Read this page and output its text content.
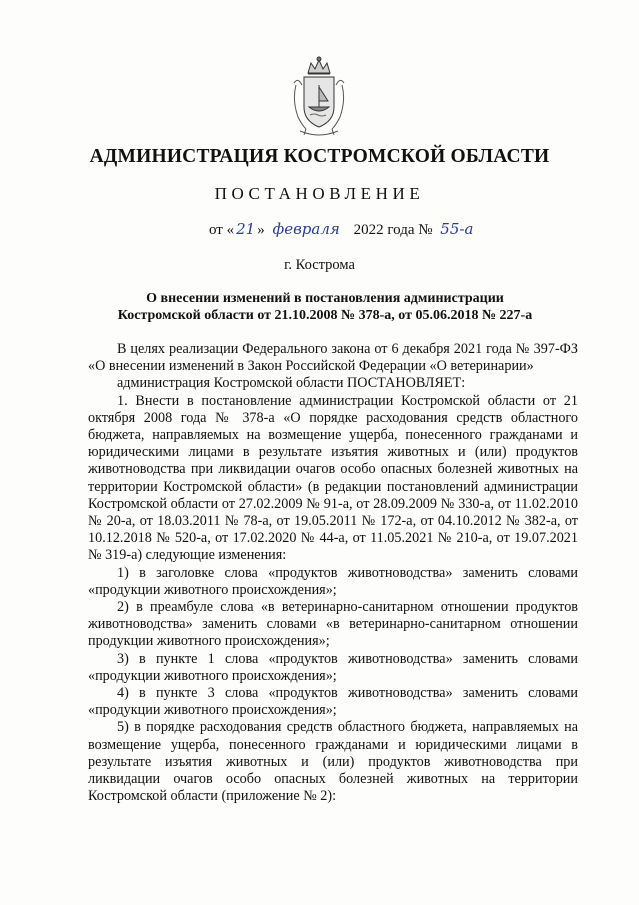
АДМИНИСТРАЦИЯ КОСТРОМСКОЙ ОБЛАСТИ
ПОСТАНОВЛЕНИЕ
от « 21 » февраля 2022 года № 55-а
г. Кострома
О внесении изменений в постановления администрации
Костромской области от 21.10.2008 № 378-а, от 05.06.2018 № 227-а

В целях реализации Федерального закона от 6 декабря 2021 года № 397-ФЗ «О внесении изменений в Закон Российской Федерации «О ветеринарии»

администрация Костромской области ПОСТАНОВЛЯЕТ:

1. Внести в постановление администрации Костромской области от 21 октября 2008 года № 378-а «О порядке расходования средств областного бюджета, направляемых на возмещение ущерба, понесенного гражданами и юридическими лицами в результате изъятия животных и (или) продуктов животноводства при ликвидации очагов особо опасных болезней животных на территории Костромской области» (в редакции постановлений администрации Костромской области от 27.02.2009 № 91-а, от 28.09.2009 № 330-а, от 11.02.2010 № 20-а, от 18.03.2011 № 78-а, от 19.05.2011 № 172-а, от 04.10.2012 № 382-а, от 10.12.2018 № 520-а, от 17.02.2020 № 44-а, от 11.05.2021 № 210-а, от 19.07.2021 № 319-а) следующие изменения:

1) в заголовке слова «продуктов животноводства» заменить словами «продукции животного происхождения»;

2) в преамбуле слова «в ветеринарно-санитарном отношении продуктов животноводства» заменить словами «в ветеринарно-санитарном отношении продукции животного происхождения»;

3) в пункте 1 слова «продуктов животноводства» заменить словами «продукции животного происхождения»;

4) в пункте 3 слова «продуктов животноводства» заменить словами «продукции животного происхождения»;

5) в порядке расходования средств областного бюджета, направляемых на возмещение ущерба, понесенного гражданами и юридическими лицами в результате изъятия животных и (или) продуктов животноводства при ликвидации очагов особо опасных болезней животных на территории Костромской области (приложение № 2):
